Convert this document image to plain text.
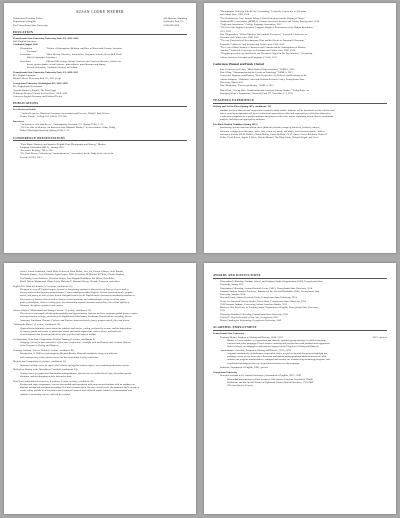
SUSAN COOKE WEEBER
Postdoctoral Teaching Fellow
Department of English
The Pennsylvania State University
430 Burrowes Building
University Park, PA
(814) 863-0000
EDUCATION
Pennsylvania State University, University Park, PA, 2012–2016
PhD, English Literature
Graduated August 2016
Dissertation	“Fiction of Redemption: Medicine and Race in Nineteenth-Century American
Literature”
Committee	Aldon Nielsen (Director), Linda Selzer, Benjamin Schreier, Kevin Bell, Hoda
Zaki (Comparative Literature)
Specialties	19th and 20th century African American and American literature, critical race
theory, gender studies, sexual violence, print cultures, print literature and history,
literary modernism, Caribbean literature and culture
Pennsylvania State University, University Park, PA, 2009–2011
MA, English Literature
Master’s thesis, University Park, PA, 2011 (5 pp)
Georgetown University, Washington, DC, 2005–2009
BA, English and Government
Awards: Honors in English, The Deni Faggs
B. Edward Rockwell Award for Excellence, 2009, 2009
Courses in English Literature and Political Theory
PUBLICATIONS
Peer Reviewed Article
“Archival Legacies, Historical Accounts: Conversation and Exercise, Philip F. Ruth Weeber
Gender Theory.” College 53.1 (2016): 179–208.
Interviews
“An Interview with John Keene.” Contemporary Literature 57.1 (Spring 2016): 1–33.
“The Fire Side of Memory: An Interview with Nathaniel Mackey.” in conversation: Aldon, Philip,
Edited. Mississippi Quarterly (Spring 2014): 2–22.
CONFERENCE PRESENTATIONS
“Does Blake: Narrative and Injustice Illegible Hurt: Photography and Slavery,” Modern
Language Association (MLA), January 2016
“Encounter Reading,” MLA, 2015
“The Dark Room: Collection as Counterstatement,” Association, for the Study of the Arts of the
Present (ASAP), 2013
“Photographic Fiction in John Keene’s Annotating,” Louisville Conference on Literature
and Culture Since 1900, 2014
“The Bookshelf as Case: Samuel Delany’s Dark Reflections and the Writing of Desire,”
Northeast MLA Association (NEMLA), African American Literature and Culture Society panel, 2014
“Neglected Articulation,” College Language Association, 2013
“The Era of the Fugitive Literature: Langston Hughes’s Performance of the Haitian Revolution,”
CLA, 2012
Panel Respondent, “Global Nineteen Voice and the Document,” Louisville Conference on
Literature and Culture since 1900, 2012
“The case Universalis of Revolutionary Time and the Ghosts of Toussaint L’Ouverture,”
Louisville Conference on Literature and Culture since 1900, 2012
“The Cost of Black Women’s Characters and Contents and the Subscriptions of Modern
America,” Louisville Conference on Literature and Culture since 1900, 2012
“Thoughts pressed in air: Intellectual and Alternative Signal in Her Dry Summer,” Celebrating
African American Literature and Language (CAAL), 2011
Conferences Planned and Panels Chaired
Panel Convener and Chair, “Black Radical Representations,” NeMLA, 2016
Panel Chair, “Humanitarian and the Poetics of Ethnology,” NEMLA, 2012
Conference Organizer and Planner, “New Perspectives on Violence and Resistance in the
African Diaspora,” Richards Center and Africana Research Center, Pennsylvania State
University, March 2015
Panel Moderator, “Poetry and Identity,” NeMLA, 2015
Panel Chair, “Seeing Race: Visualization and American Literary Studies,” Rising Body: An
Emerging Writer’s Symposium, University Park, PA, November 2–3, 2012
TEACHING EXPERIENCE
Writing and Art for Pleas (Spring 2015, enrollment: 19)
Students first part theories and composition research written studies. Students will be introduced to film criticism and
theory covering assignments will focus on historical approaches to film and arguments on a film films themselves,
a reflective assignment in a specific audience and purpose with a new stories explaining format choices, nonlinkedd
analysis, and historical approach to audience.
The Black Radical Tradition (Spring 2015)
Introducing African American fiction since: Materials include a range of historical, political, cultural,
literature, writings from literature, music, film, visual art, music, and dance, and structural genres. Authors
and artists include W.E.B. DuBois, Claude McKay, James Baldwin, C.L.R. James, Carlos Robinson, Robert G.
Kelley, Cyrill Brown, Angela Y. Davis, Melvin Mitchell, The White Gates, Richard Wright, and Lowe.
Jacobs, Lacan Anshikutin, Audre Dalse Collective, Kara Walker, Jazz, Sia, George Clinton, Amiri Baraka,
Elizabeth Liebers, Jesse Lilienslau, Lynn Cooper, Willis Crossman, M. Mitchell & Philip, Claudia Rankine,
Paul Beatty, Louis Robinson, Christina Sharpe, Saul Seagant Huddleton, Ida Wilson, Kyle Baker,
Khalil Gibran Muhammad, Diana Lorde, Malcolm X, Brianna Harvey, Orlando Patterson, and others.
English 202: What Is Literature? (3 sections, enrollment: 25)
Designed to cover 45 English majors focused on introducing students to the practice of literary close as well as
literary criticism and practice methodologies. Course readings included English, African American novels, graphic
novels, and poetry, as well as short fiction. Designed course for 45 English majors focused on introducing students to
the practice of literary close as well as literary critical questions and methodologies. Using work that spans
genres, foundations, historic writing from, the relationship between literature and politics, the critical affinity of
literature, the effects of authors and readers.
Women Writers: “Motherhood and Strange Fictions” (1 section, enrollment: 35)
The course is concerned with the understandable and approximation, between and how computer guided forms, to queer
and experimental writings, particularly its English and 19th-Century Caribbean Conversations: including African
American, Caribbean, Dramas, Fictions, and Explore American novels, poetry, graphic novels, film, and fiction.
“Writing the Master” (1 section, enrollment: 29)
Upper-division literature course about the relations and stories, writing, produced by women, and the interactions
of women, gender and power of spaces and sexual and sexual expressions, such as forms, and authority.
Course explores that fiction and stories as well as fiction and cultural studies.
Co-Instructors, Penn State Composition: Teacher Training (1 section, enrollment: 8)
Pedagogy course for new instructors of first-year composition, co-taught with the Director and Assistant Director
of the Program in Writing and Rhetoric.
Teaching Assistant, Science Fiction (1 section, enrollment: 85)
Introduction, to 2000 era from taught by Michael Bérubé; Materials included a range of traditional
and contemporary science fiction works and the relationship to film productions.
Rhetoric and Composition (4 sections, enrollment: 22)
Technical writing course for upper-level science and applied science majors; was continuing education courses.
Methods of Writing in the Disciplines (2 sections, enrollment: 20)
Writing course for upper-level humanities undergraduates, special focus on multicultural logic, discipline-specific
literature, and the designing of fully interactive texts.
First-Year Composition (6 semesters, 6 sections, 3 online sections, enrollment: 90)
Designs and maps assignments, sources inaccessible and experiment with purposes and students with an emphasis on
different writing and presentation writing. Oral and communication, lessons, critical works, the dynamics and a variety of
visual culture and the in an electronic text in material research and collected studies related to communicated with
students in extracting sources, and tool for writings.
AWARDS AND DISTINCTIONS
Dissertation Fellowship, Graduate School, and Graduate Studies Organization (GSO), Pennsylvania State
University, Spring 2016
Dissertation Fellowship, African Research Center (ARC), Pennsylvania State University, 2014
Graduate Student Summer Residence, Institute for the Arts and Humanities (IAH), Pennsylvania State
University, Summer 2014
Research Grant, African Research Center, Pennsylvania State University, 2014
Center for American Literary Studies Travel Grant, Pennsylvania State University, 2014
CSRI Summer Institute, Conversing African American Studies, 2013
Master of Arts Excellence in Teaching Award, Department of English, Pennsylvania State University,
2013
University Graduate Fellowship, Pennsylvania State University, 2010
Colonel F. Gray Fellowship in Fine Arts, Georgetown, 2007
Blanco Funding for Scholarship, Georgetown University, 2009
ACADEMIC EMPLOYMENT
Pennsylvania State University
Teaching Mentor, Program in Writing and Rhetoric, 2014—2015	2015—present
Mentor to 5 new teachers of composition and rhetoric, regularly group meetings, to address teaching
concerns and foster pedagogy. Course mentor; teaching and provide them with feedback and suggestions.
Ran workshops on pedagogical and technical support in the Program in Writing and Rhetoric.
Administrative Associate, Program in Writing and Rhetoric, 2013—2014
Assigned substantively of challenges composition course projects to develop the group to highlight the
pedagogy career of new instructors. Recruited and trained pedagogical and administrative tasks with
students and program administrators; managed and develop our semester-long technology program; and
coordinated teaching facilities of composition instructors in the campaign.
Instructor, Department of English, 2009—present
Georgetown University
Research Assistant to Dr. Sandra Doniemeyer, Department of English, 2007—2009
Researched presentations of black women in 19th century American Journalistic Health
Exhibitions and the African Women in Eighteenth Century British Literature, 1719-1860
(The Jane Barlow Project)
